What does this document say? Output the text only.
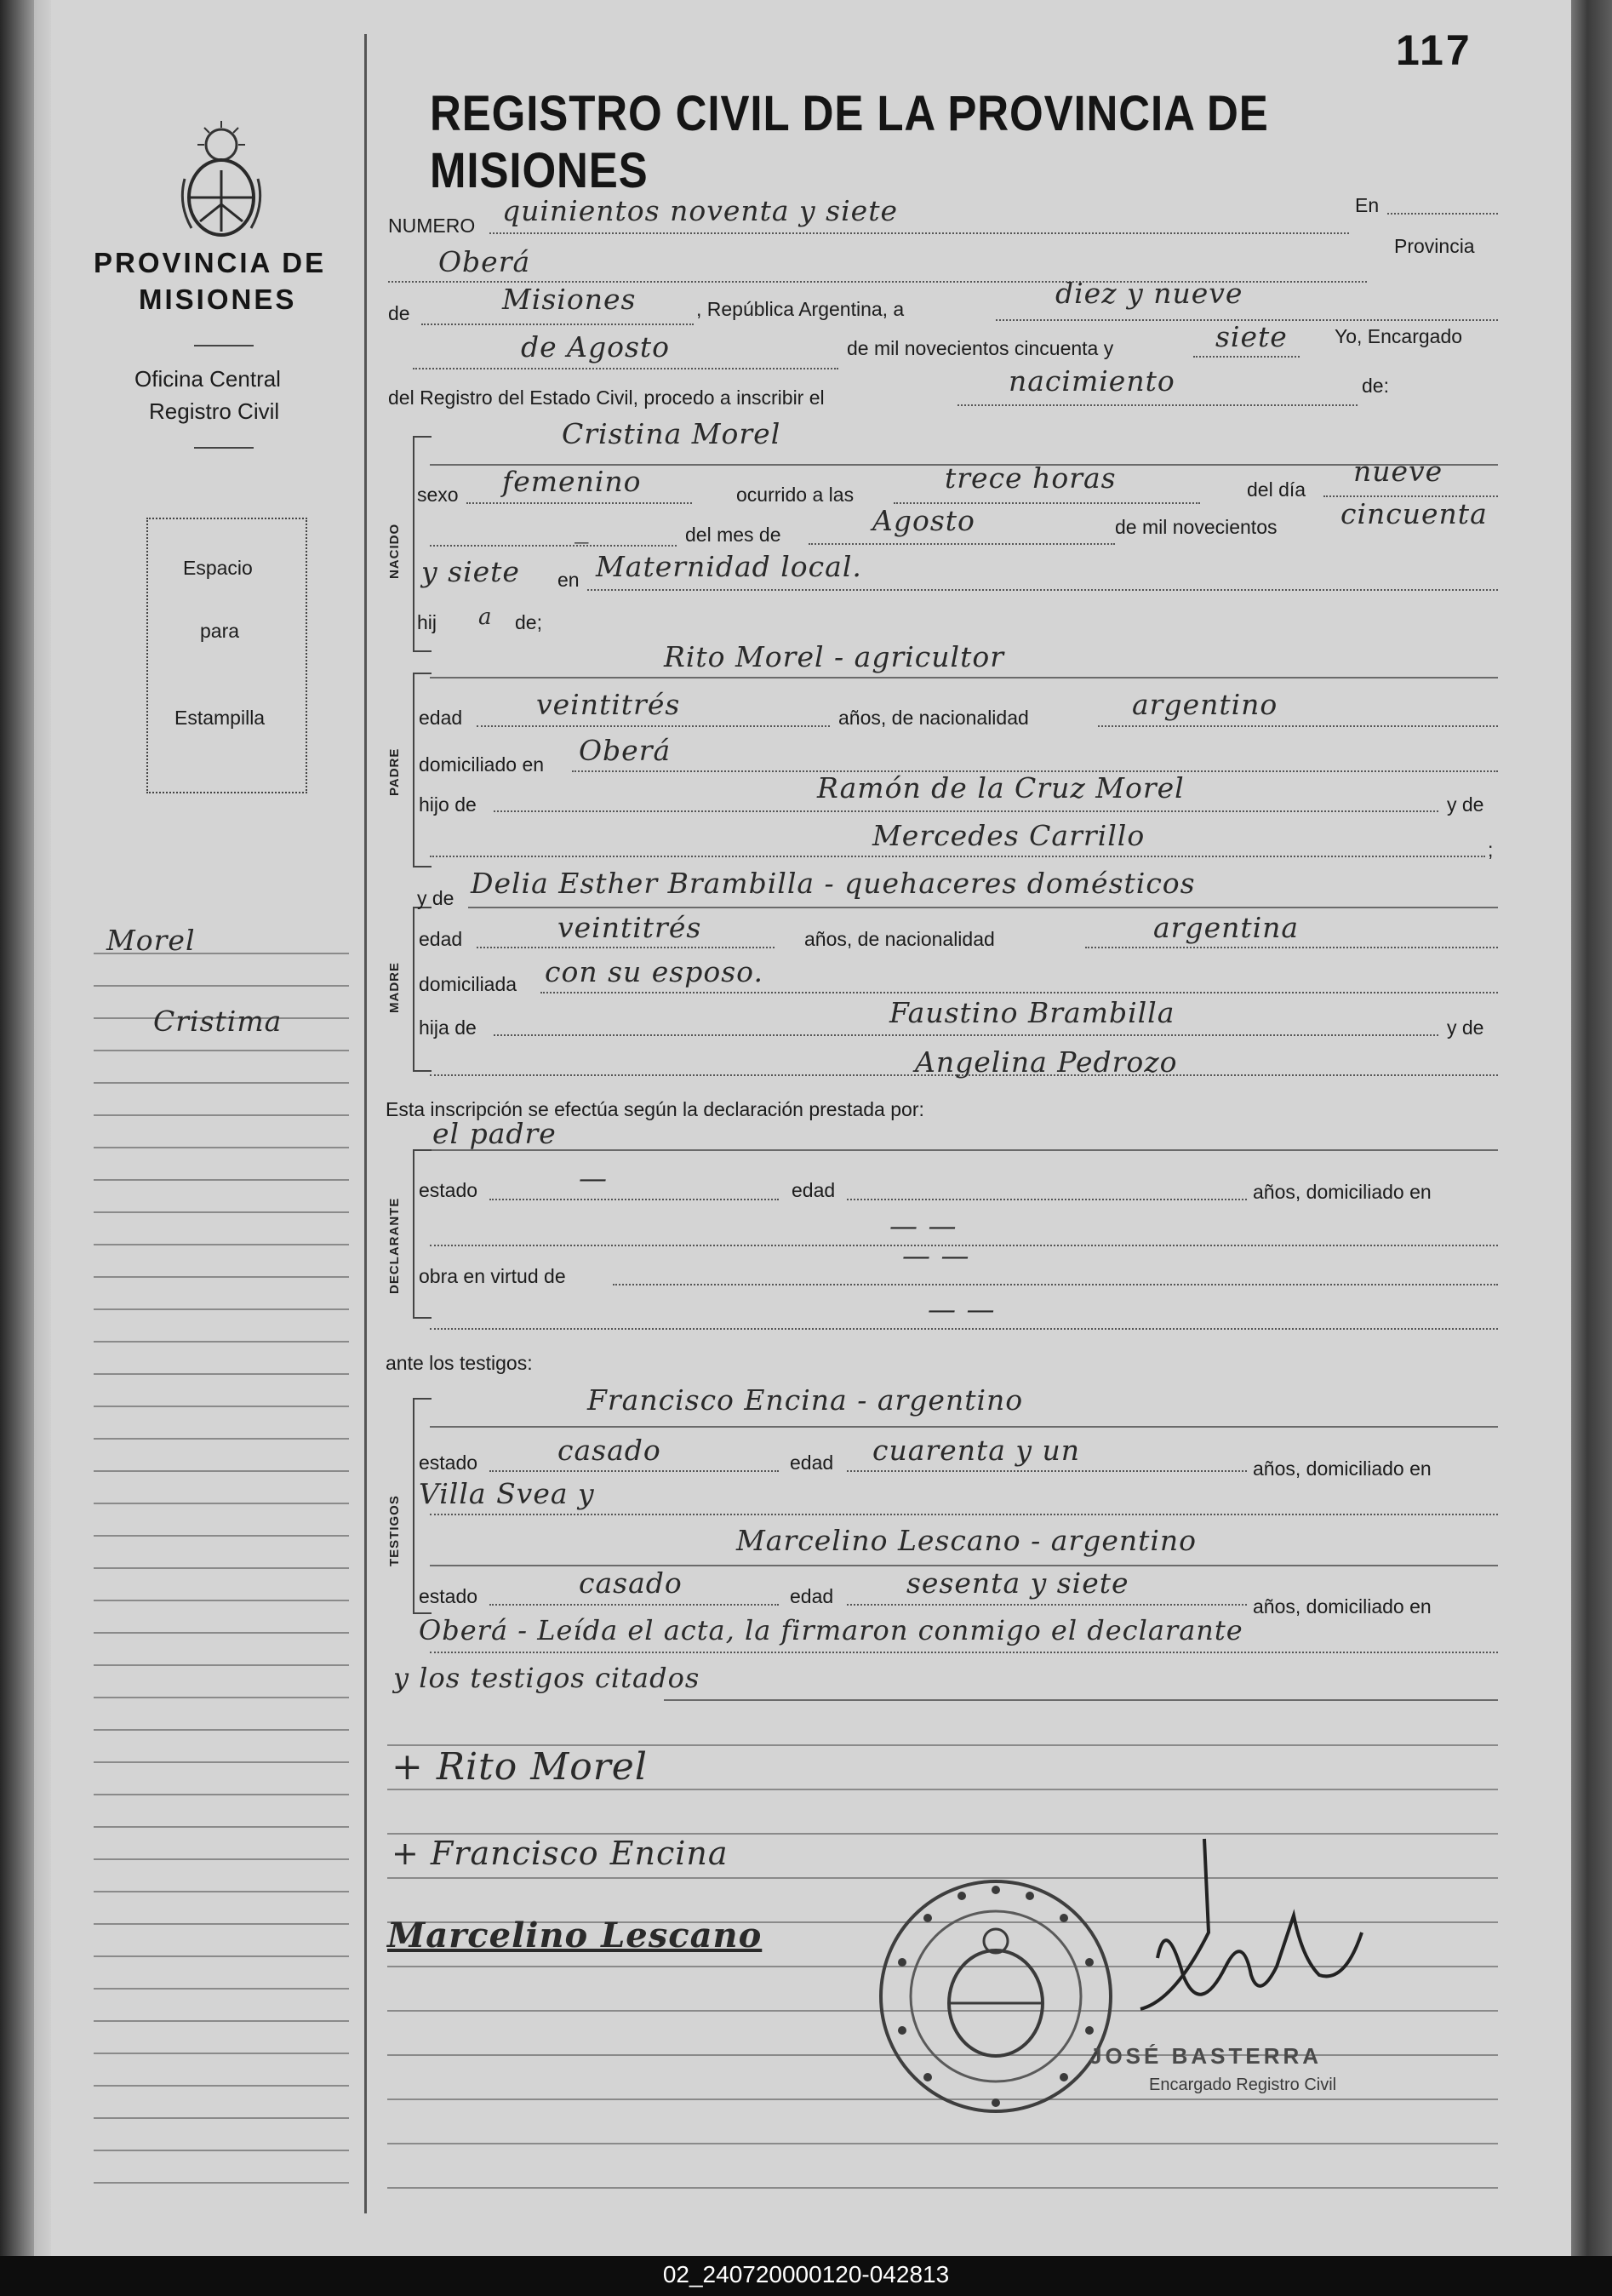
117
PROVINCIA DE
MISIONES
Oficina Central
Registro Civil
Espacio
para
Estampilla
Morel
Cristima
REGISTRO CIVIL DE LA PROVINCIA DE MISIONES
NUMERO quinientos noventa y siete	En
Oberá	Provincia
de	Misiones	, República Argentina, a	diez y nueve
de Agosto	de mil novecientos cincuenta y	siete Yo, Encargado
del Registro del Estado Civil, procedo a inscribir el	nacimiento	de:
NACIDO
Cristina Morel
sexo femenino	ocurrido a las	trece horas	del día
nueve
_	del mes de	Agosto	de mil novecientos cincuenta
y siete en Maternidad local.
hij a de;
PADRE
Rito Morel - agricultor
edad	veintitrés	años, de nacionalidad	argentino
domiciliado en Oberá
hijo de	Ramón de la Cruz Morel	y de
Mercedes Carrillo	;
MADRE
y de Delia Esther Brambilla - quehaceres domésticos
edad	veintitrés	años, de nacionalidad	argentina
domiciliada con su esposo.
hija de	Faustino Brambilla	y de
Angelina Pedrozo
Esta inscripción se efectúa según la declaración prestada por:
el padre
DECLARANTE
estado	—	edad	años, domiciliado en
— —
obra en virtud de
— —
— —
ante los testigos:
TESTIGOS
Francisco Encina - argentino
estado	casado	edad cuarenta y un
años, domiciliado en
Villa Svea y
Marcelino Lescano - argentino
estado	casado	edad	sesenta y siete
años, domiciliado en
Oberá - Leída el acta, la firmaron conmigo el declarante
y los testigos citados
+ Rito Morel
+ Francisco Encina
Marcelino Lescano
JOSÉ BASTERRA
Encargado Registro Civil
02_240720000120-042813
